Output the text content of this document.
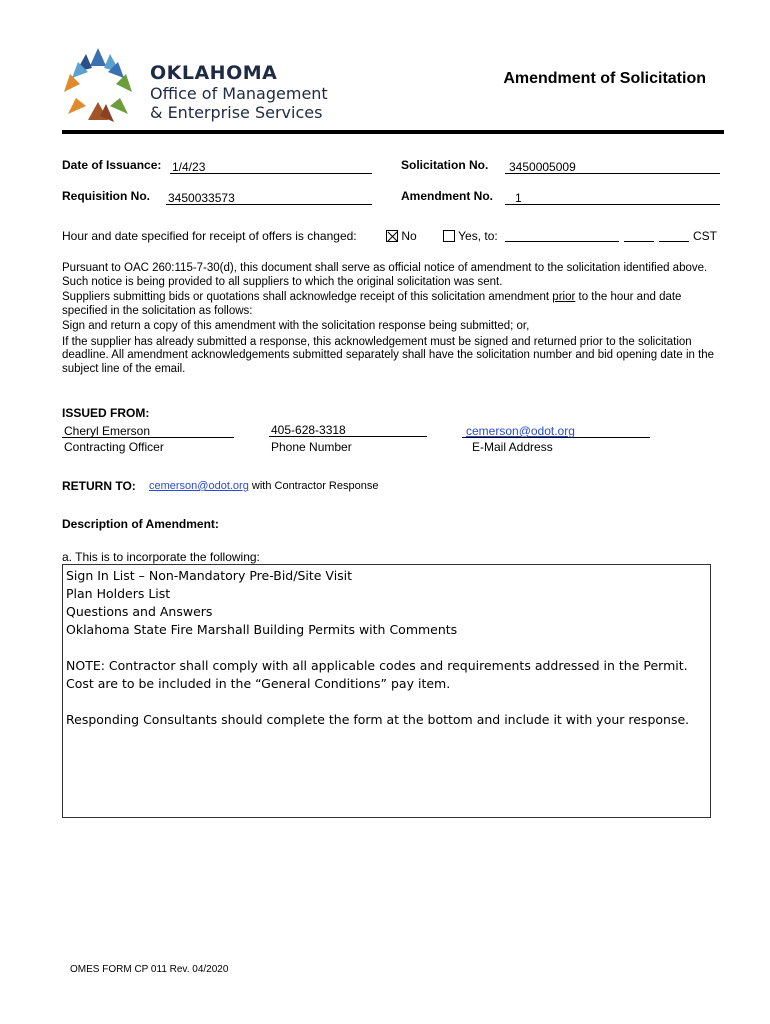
OKLAHOMA
Office of Management
& Enterprise Services
Amendment of Solicitation
Date of Issuance: 1/4/23	Solicitation No.	3450005009
Requisition No. 3450033573	Amendment No.	1
Hour and date specified for receipt of offers is changed:	No	Yes, to:	CST

Pursuant to OAC 260:115-7-30(d), this document shall serve as official notice of amendment to the solicitation identified above. Such notice is being provided to all suppliers to which the original solicitation was sent.

Suppliers submitting bids or quotations shall acknowledge receipt of this solicitation amendment prior to the hour and date specified in the solicitation as follows:

Sign and return a copy of this amendment with the solicitation response being submitted; or,

If the supplier has already submitted a response, this acknowledgement must be signed and returned prior to the solicitation deadline. All amendment acknowledgements submitted separately shall have the solicitation number and bid opening date in the subject line of the email.

ISSUED FROM:
Cheryl Emerson
Contracting Officer
405-628-3318
Phone Number
cemerson@odot.org
E-Mail Address
RETURN TO: cemerson@odot.org with Contractor Response
Description of Amendment:
a. This is to incorporate the following:
Sign In List – Non-Mandatory Pre-Bid/Site Visit
Plan Holders List
Questions and Answers
Oklahoma State Fire Marshall Building Permits with Comments
NOTE: Contractor shall comply with all applicable codes and requirements addressed in the Permit. Cost are to be included in the “General Conditions” pay item.
Responding Consultants should complete the form at the bottom and include it with your response.
OMES FORM CP 011 Rev. 04/2020
